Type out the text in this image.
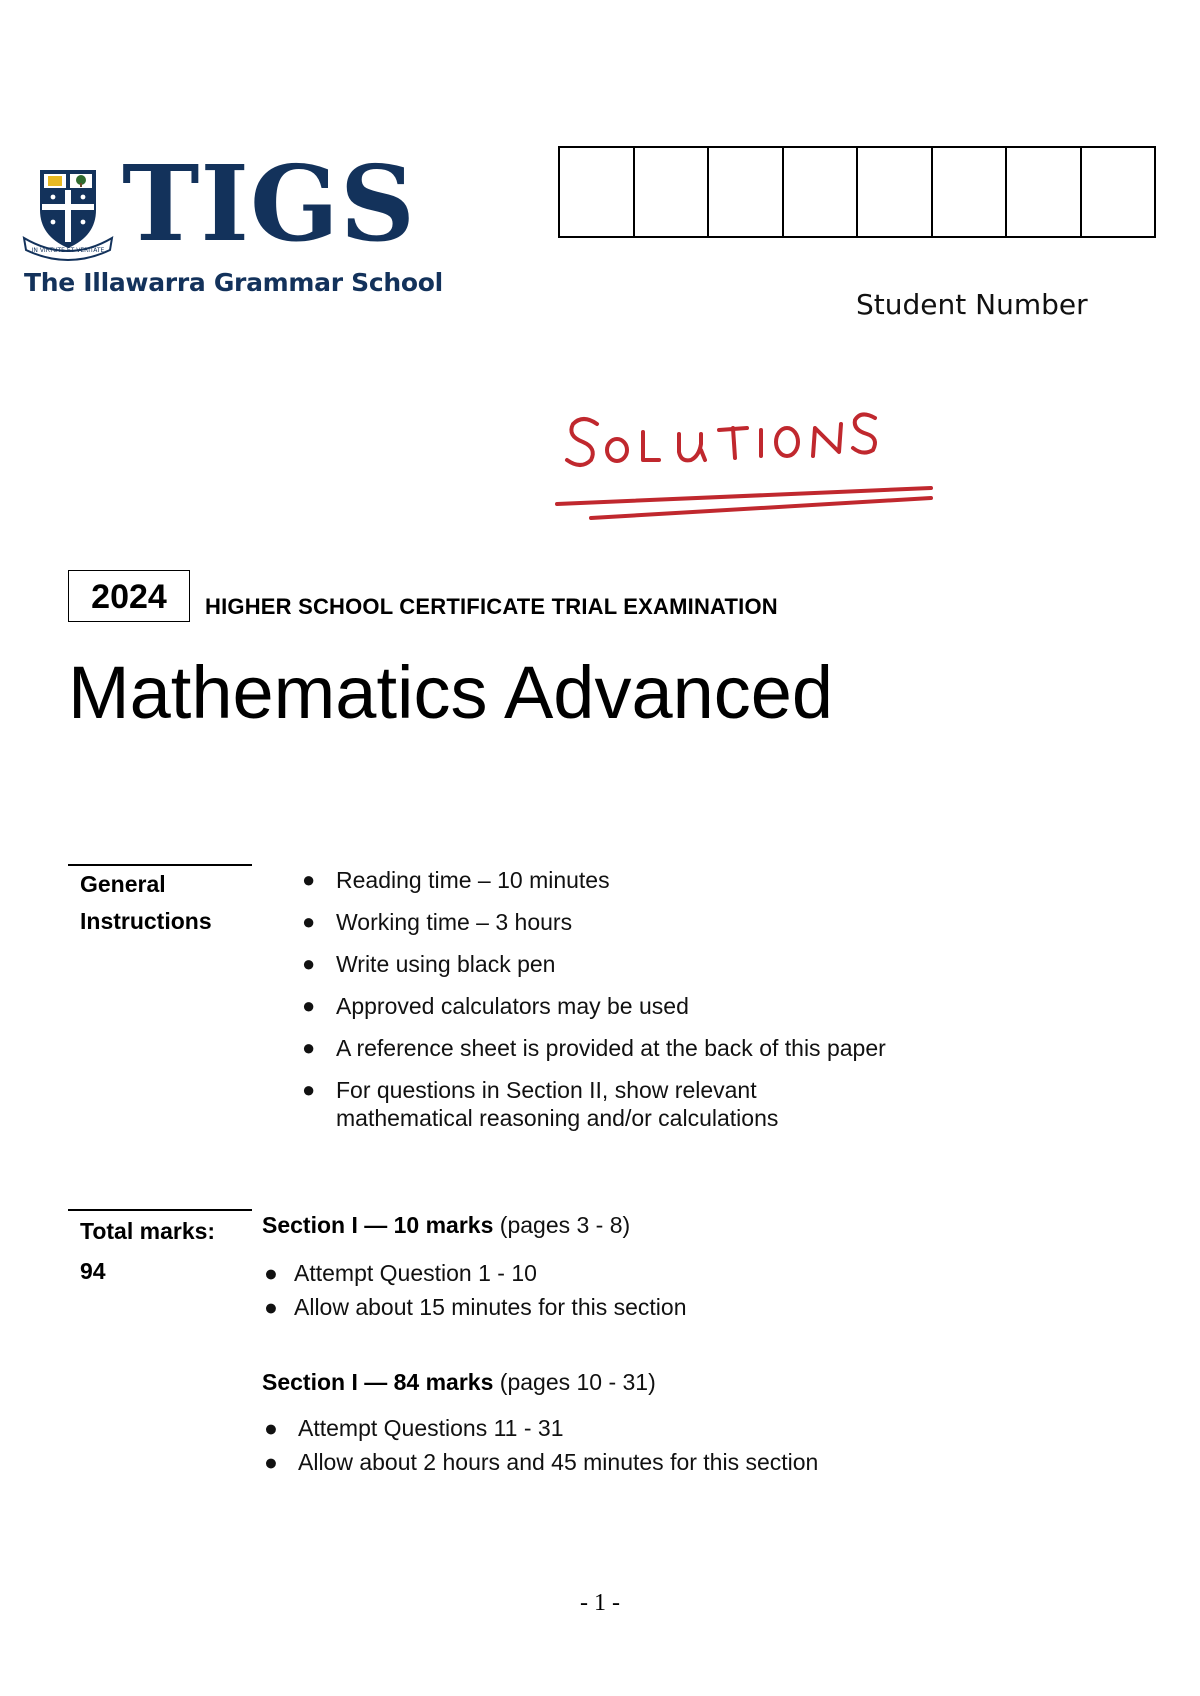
IN VIRTUTE ET VERITATE TIGS
The Illawarra Grammar School
Student Number
2024	HIGHER SCHOOL CERTIFICATE TRIAL EXAMINATION
Mathematics Advanced
General
Instructions
● Reading time – 10 minutes
● Working time – 3 hours
● Write using black pen
● Approved calculators may be used
● A reference sheet is provided at the back of this paper
● For questions in Section II, show relevant mathematical reasoning and/or calculations
Total marks:
94
Section I — 10 marks (pages 3 - 8)
● Attempt Question 1 - 10
● Allow about 15 minutes for this section
Section I — 84 marks (pages 10 - 31)
● Attempt Questions 11 - 31
● Allow about 2 hours and 45 minutes for this section
- 1 -
